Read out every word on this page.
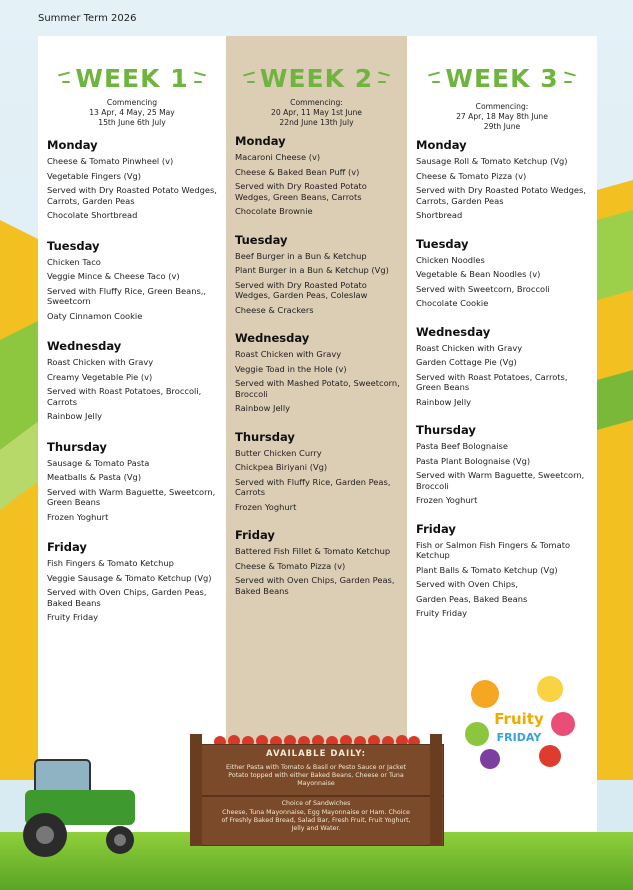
Summer Term 2026
WEEK 1
Commencing
13 Apr, 4 May, 25 May
15th June 6th July
Monday
Cheese & Tomato Pinwheel (v)
Vegetable Fingers (Vg)
Served with Dry Roasted Potato Wedges, Carrots, Garden Peas
Chocolate Shortbread
Tuesday
Chicken Taco
Veggie Mince & Cheese Taco (v)
Served with Fluffy Rice, Green Beans,, Sweetcorn
Oaty Cinnamon Cookie
Wednesday
Roast Chicken with Gravy
Creamy Vegetable Pie (v)
Served with Roast Potatoes, Broccoli, Carrots
Rainbow Jelly
Thursday
Sausage & Tomato Pasta
Meatballs & Pasta (Vg)
Served with Warm Baguette, Sweetcorn, Green Beans
Frozen Yoghurt
Friday
Fish Fingers & Tomato Ketchup
Veggie Sausage & Tomato Ketchup (Vg)
Served with Oven Chips, Garden Peas, Baked Beans
Fruity Friday
WEEK 2
Commencing:
20 Apr, 11 May 1st June
22nd June 13th July
Monday
Macaroni Cheese (v)
Cheese & Baked Bean Puff (v)
Served with Dry Roasted Potato Wedges, Green Beans, Carrots
Chocolate Brownie
Tuesday
Beef Burger in a Bun & Ketchup
Plant Burger in a Bun & Ketchup (Vg)
Served with Dry Roasted Potato Wedges, Garden Peas, Coleslaw
Cheese & Crackers
Wednesday
Roast Chicken with Gravy
Veggie Toad in the Hole (v)
Served with Mashed Potato, Sweetcorn, Broccoli
Rainbow Jelly
Thursday
Butter Chicken Curry
Chickpea Biriyani (Vg)
Served with Fluffy Rice, Garden Peas, Carrots
Frozen Yoghurt
Friday
Battered Fish Fillet & Tomato Ketchup
Cheese & Tomato Pizza (v)
Served with Oven Chips, Garden Peas, Baked Beans
WEEK 3
Commencing:
27 Apr, 18 May 8th June
29th June
Monday
Sausage Roll & Tomato Ketchup (Vg)
Cheese & Tomato Pizza (v)
Served with Dry Roasted Potato Wedges, Carrots, Garden Peas
Shortbread
Tuesday
Chicken Noodles
Vegetable & Bean Noodles (v)
Served with Sweetcorn, Broccoli
Chocolate Cookie
Wednesday
Roast Chicken with Gravy
Garden Cottage Pie (Vg)
Served with Roast Potatoes, Carrots, Green Beans
Rainbow Jelly
Thursday
Pasta Beef Bolognaise
Pasta Plant Bolognaise (Vg)
Served with Warm Baguette, Sweetcorn, Broccoli
Frozen Yoghurt
Friday
Fish or Salmon Fish Fingers & Tomato Ketchup
Plant Balls & Tomato Ketchup (Vg)
Served with Oven Chips,
Garden Peas, Baked Beans
Fruity Friday
AVAILABLE DAILY:
Either Pasta with Tomato & Basil or Pesto Sauce or Jacket Potato topped with either Baked Beans, Cheese or Tuna Mayonnaise
Choice of Sandwiches
Cheese, Tuna Mayonnaise, Egg Mayonnaise or Ham. Choice of Freshly Baked Bread, Salad Bar, Fresh Fruit, Fruit Yoghurt, Jelly and Water.
Fruity
FRIDAY
